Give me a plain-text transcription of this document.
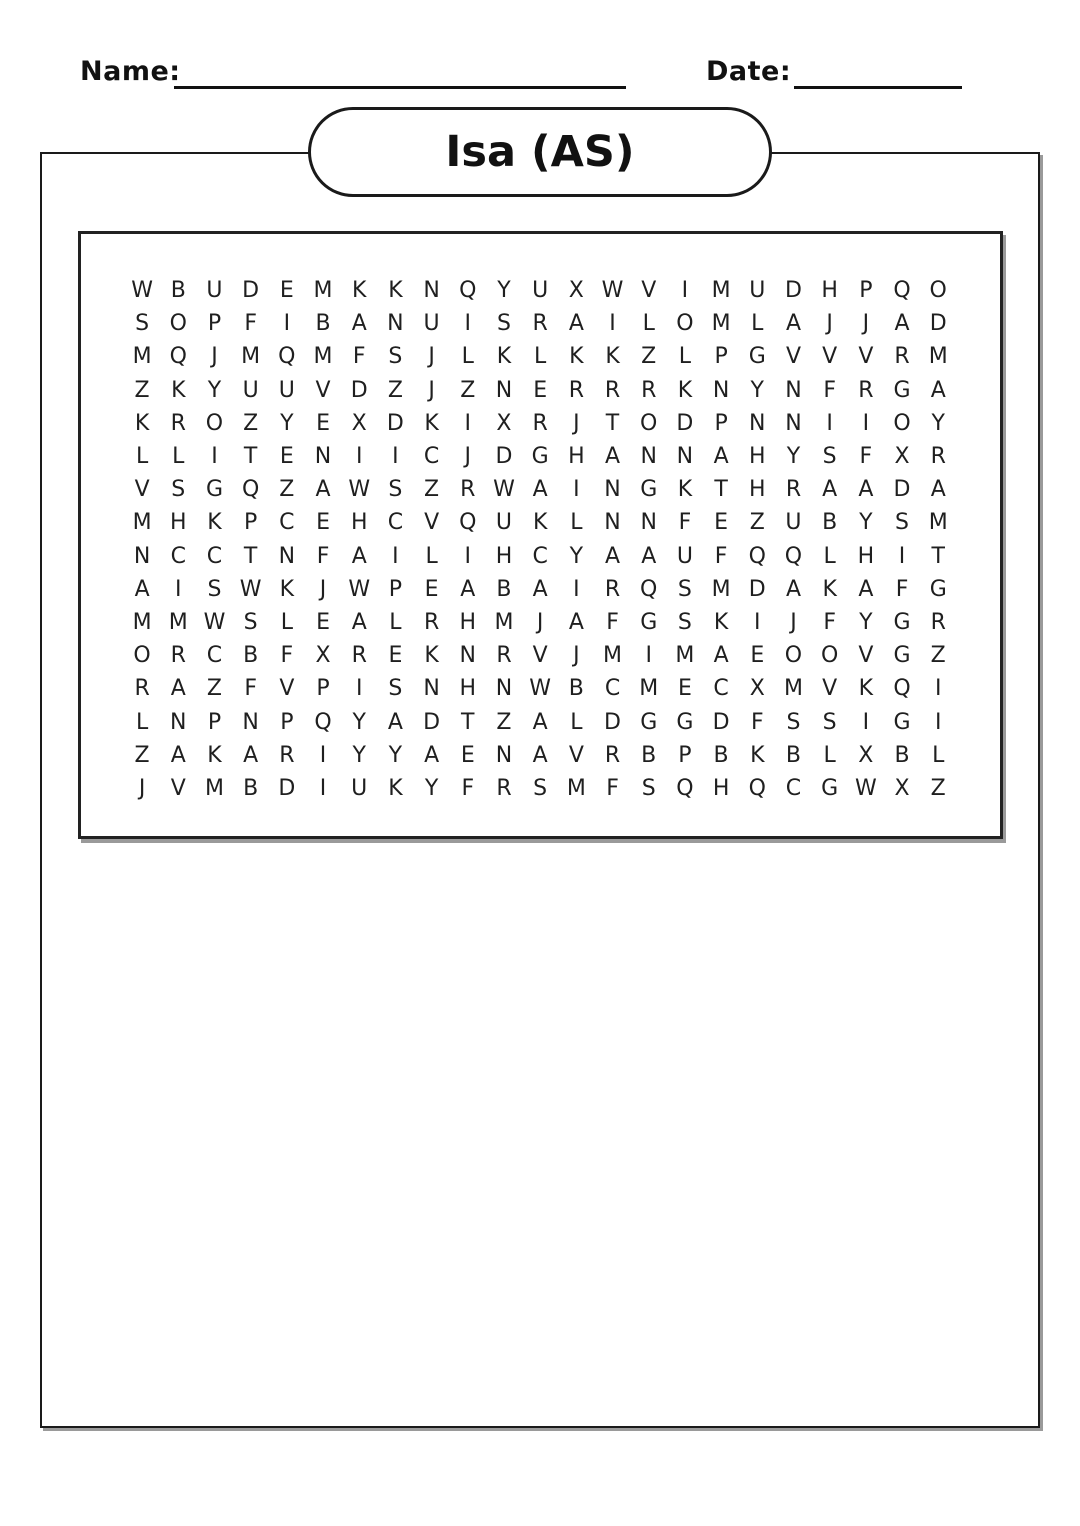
Name:	Date:
Isa (AS)
W B U D E M K K N Q Y U X W V	I	M U D H P Q O
S O P	F	I	B A N U	I	S R A	I	L O M L	A	J	J	A D
M Q	J	M Q M F	S	J	L	K	L	K K Z	L	P G V V V R M
Z K	Y U U V D Z	J	Z N E R R R K N Y N F	R G A
K R O Z Y	E X D K	I	X R	J	T O D P N N	I	I	O Y
L	L	I	T	E N	I	I	C	J	D G H A N N A H Y	S	F	X R
V S G Q Z A W S Z R W A	I	N G K	T H R A A D A
M H K	P C E H C V Q U K	L N N F	E Z U B Y	S M
N C C T N F	A	I	L	I	H C Y A A U F Q Q L H	I	T
A	I	S W K	J	W P	E A B A	I	R Q S M D A K A	F G
M M W S	L	E A	L	R H M	J	A	F G S K	I	J	F	Y G R
O R C B	F	X R E	K N R V	J	M	I	M A E O O V G Z
R A Z	F	V	P	I	S N H N W B C M E C X M V K Q	I
L N P N P Q Y A D T Z A	L D G G D F	S	S	I	G	I
Z A K A R	I	Y	Y A E N A V R B	P	B K B	L	X B	L
J	V M B D	I	U K	Y	F	R S M F	S Q H Q C G W X Z
